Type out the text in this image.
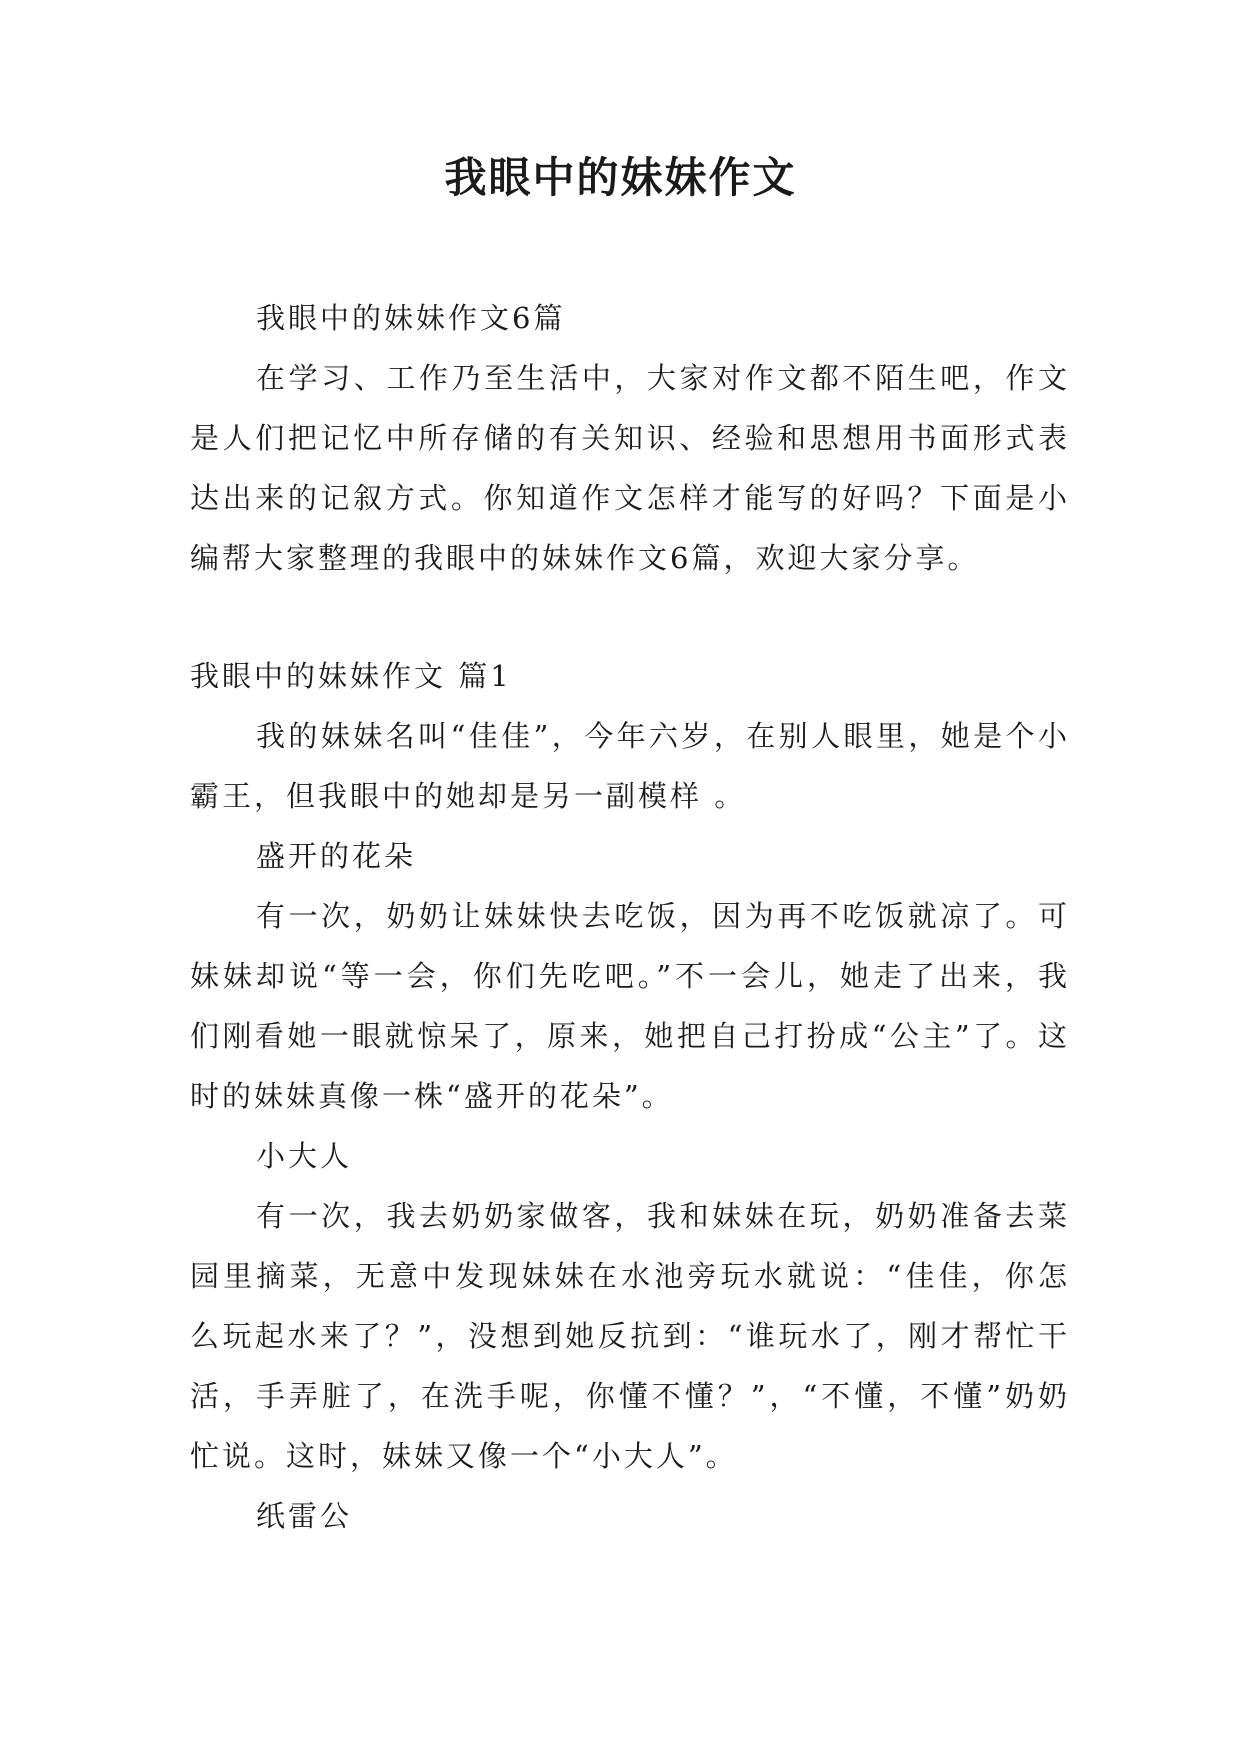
我眼中的妹妹作文

我眼中的妹妹作文6篇

在学习、工作乃至生活中，大家对作文都不陌生吧，作文是人们把记忆中所存储的有关知识、经验和思想用书面形式表达出来的记叙方式。你知道作文怎样才能写的好吗？下面是小编帮大家整理的我眼中的妹妹作文6篇，欢迎大家分享。

我眼中的妹妹作文 篇1

我的妹妹名叫“佳佳”，今年六岁，在别人眼里，她是个小霸王，但我眼中的她却是另一副模样 。

盛开的花朵

有一次，奶奶让妹妹快去吃饭，因为再不吃饭就凉了。可妹妹却说“等一会，你们先吃吧。”不一会儿，她走了出来，我们刚看她一眼就惊呆了，原来，她把自己打扮成“公主”了。这时的妹妹真像一株“盛开的花朵”。

小大人

有一次，我去奶奶家做客，我和妹妹在玩，奶奶准备去菜园里摘菜，无意中发现妹妹在水池旁玩水就说：“佳佳，你怎么玩起水来了？”，没想到她反抗到：“谁玩水了，刚才帮忙干活，手弄脏了，在洗手呢，你懂不懂？”，“不懂，不懂”奶奶忙说。这时，妹妹又像一个“小大人”。

纸雷公
